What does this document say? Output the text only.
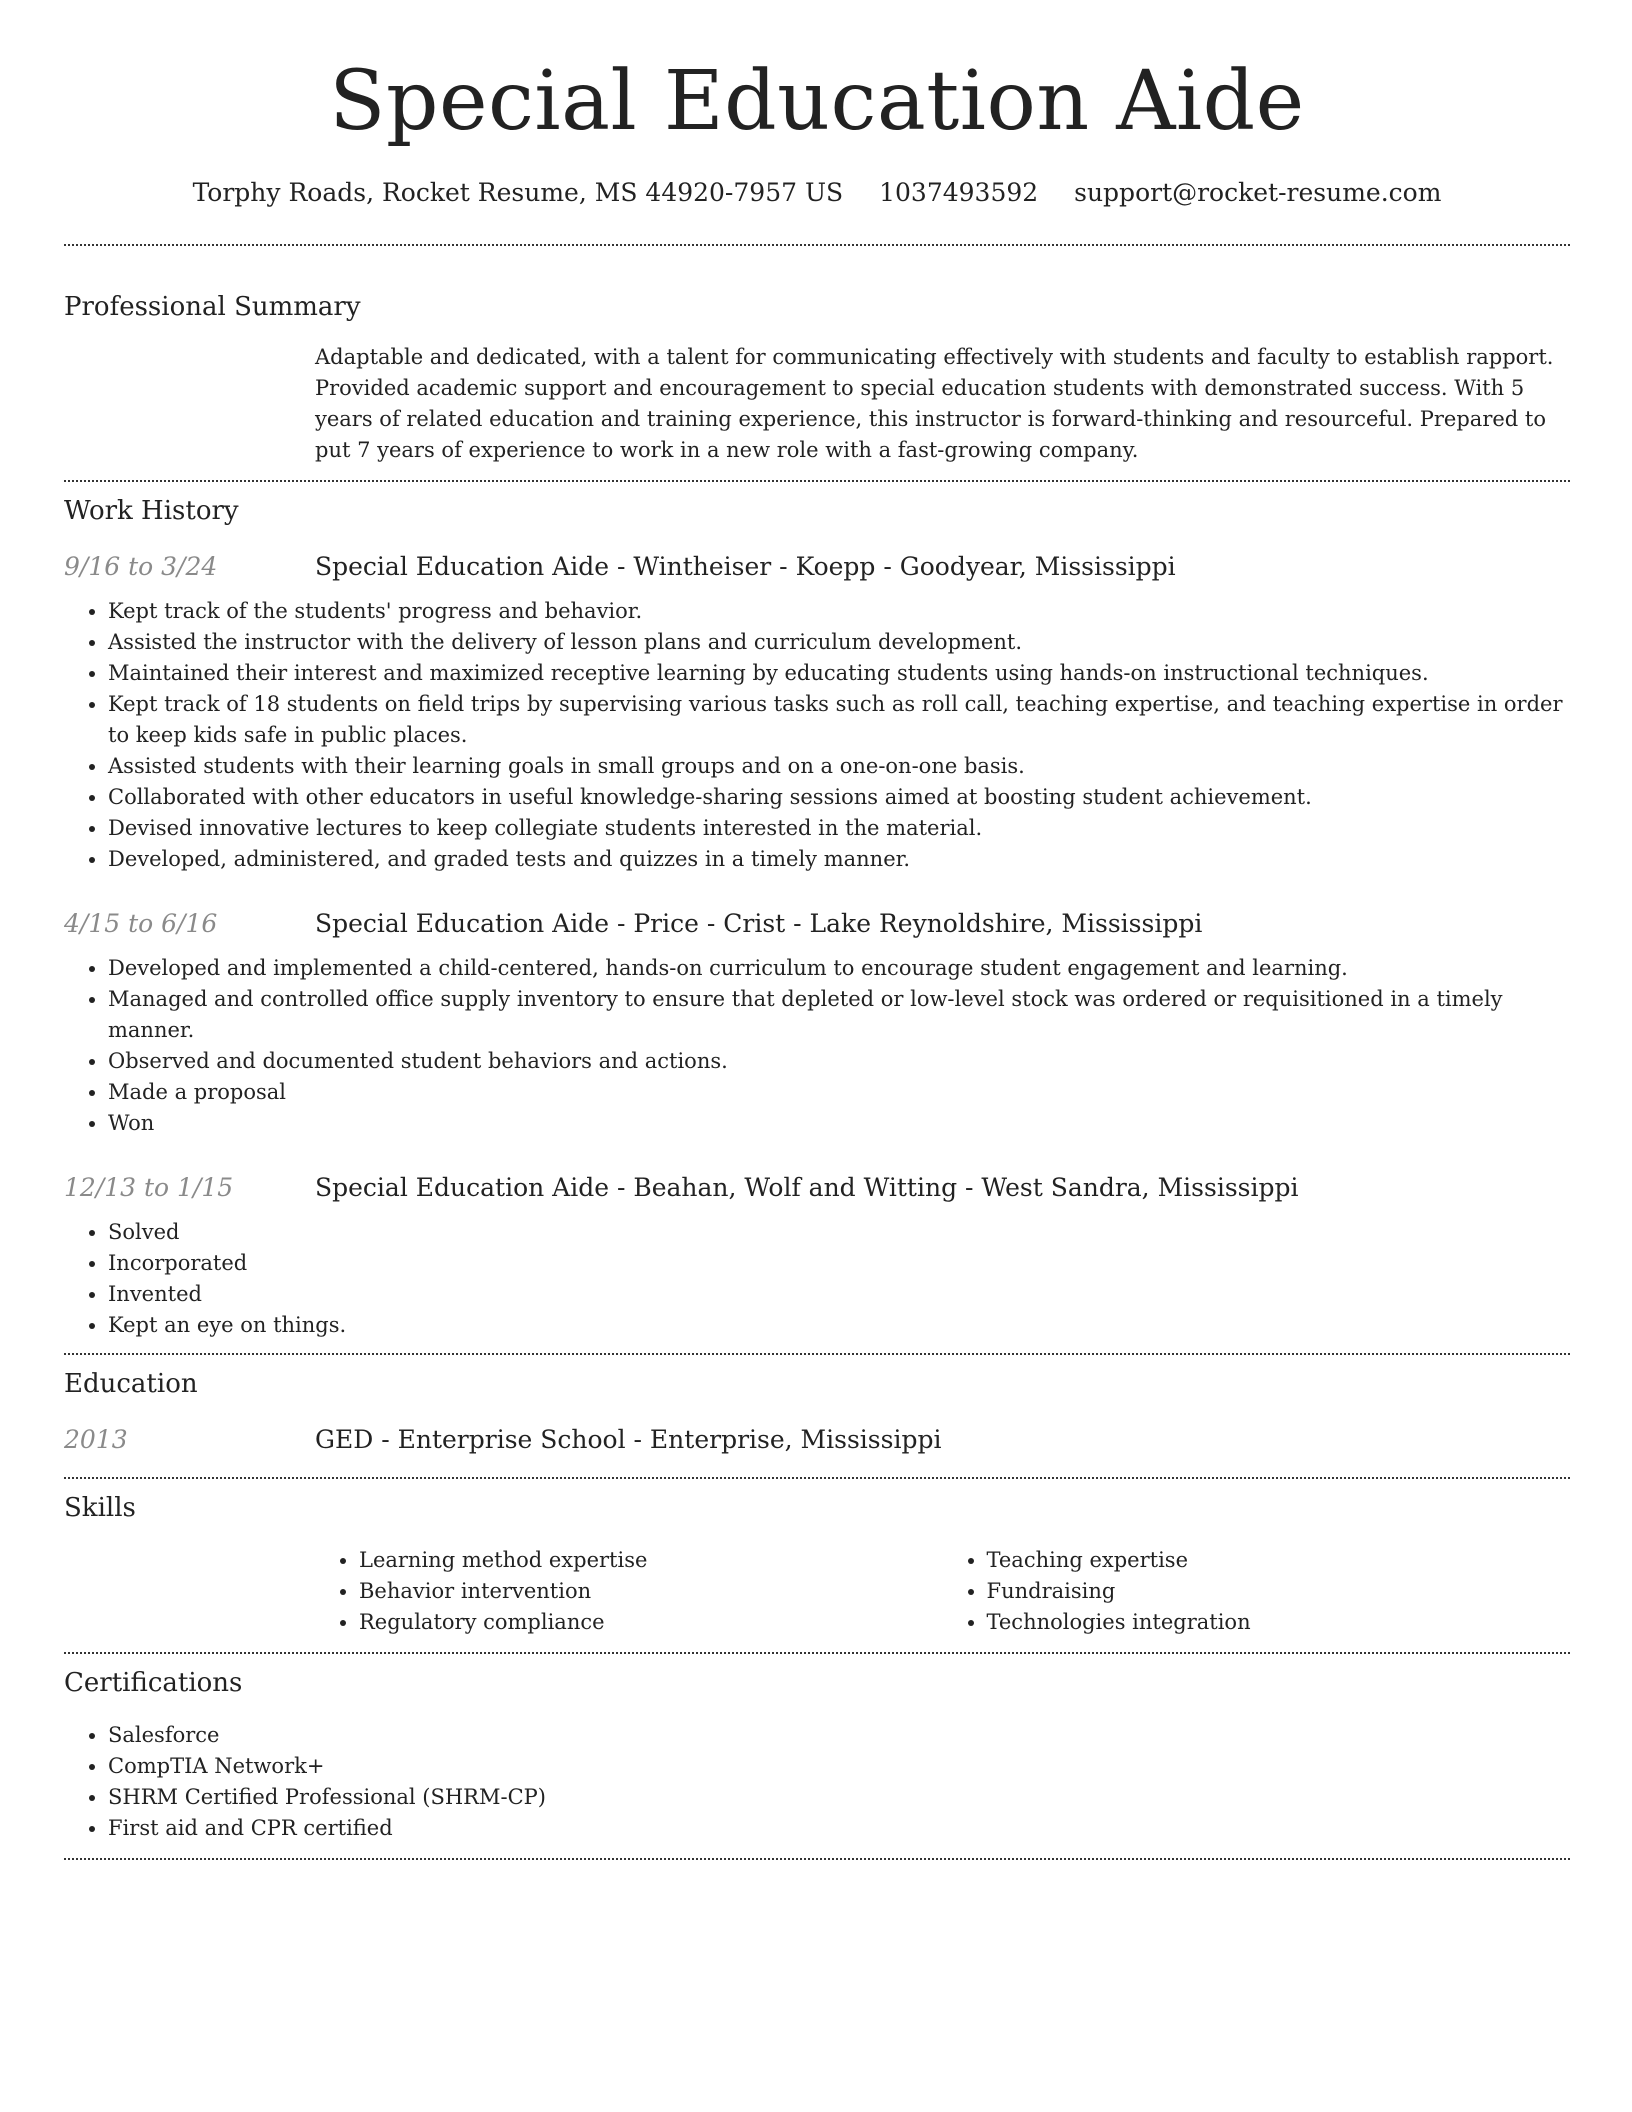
Special Education Aide
Torphy Roads, Rocket Resume, MS 44920-7957 US 1037493592 support@rocket-resume.com
Professional Summary
Adaptable and dedicated, with a talent for communicating effectively with students and faculty to establish rapport. Provided academic support and encouragement to special education students with demonstrated success. With 5 years of related education and training experience, this instructor is forward-thinking and resourceful. Prepared to put 7 years of experience to work in a new role with a fast-growing company.
Work History
9/16 to 3/24	Special Education Aide - Wintheiser - Koepp - Goodyear, Mississippi
• Kept track of the students' progress and behavior.
• Assisted the instructor with the delivery of lesson plans and curriculum development.
• Maintained their interest and maximized receptive learning by educating students using hands-on instructional techniques.
• Kept track of 18 students on field trips by supervising various tasks such as roll call, teaching expertise, and teaching expertise in order to keep kids safe in public places.
• Assisted students with their learning goals in small groups and on a one-on-one basis.
• Collaborated with other educators in useful knowledge-sharing sessions aimed at boosting student achievement.
• Devised innovative lectures to keep collegiate students interested in the material.
• Developed, administered, and graded tests and quizzes in a timely manner.
4/15 to 6/16	Special Education Aide - Price - Crist - Lake Reynoldshire, Mississippi
• Developed and implemented a child-centered, hands-on curriculum to encourage student engagement and learning.
• Managed and controlled office supply inventory to ensure that depleted or low-level stock was ordered or requisitioned in a timely manner.
• Observed and documented student behaviors and actions.
• Made a proposal
• Won
12/13 to 1/15	Special Education Aide - Beahan, Wolf and Witting - West Sandra, Mississippi
• Solved
• Incorporated
• Invented
• Kept an eye on things.
Education
2013	GED - Enterprise School - Enterprise, Mississippi
Skills
• Learning method expertise
• Behavior intervention
• Regulatory compliance
• Teaching expertise
• Fundraising
• Technologies integration
Certifications
• Salesforce
• CompTIA Network+
• SHRM Certified Professional (SHRM-CP)
• First aid and CPR certified
